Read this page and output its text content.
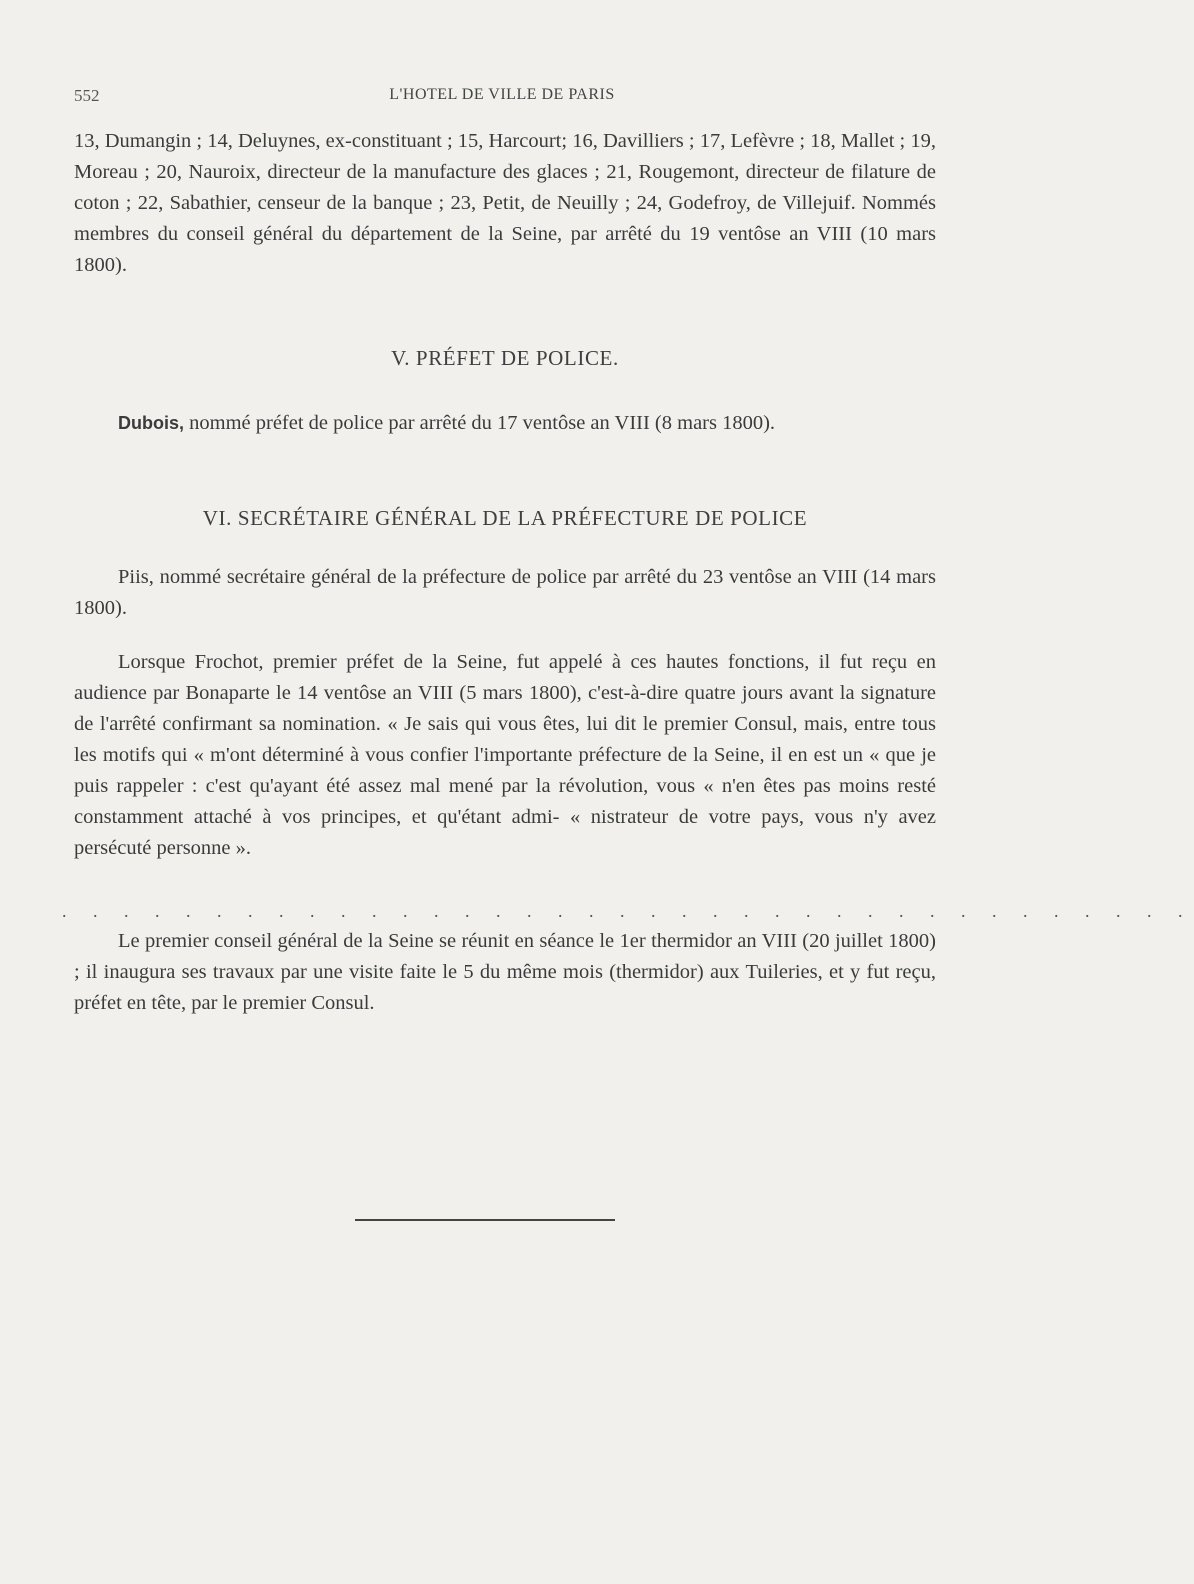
552	L'HOTEL DE VILLE DE PARIS

13, Dumangin ; 14, Deluynes, ex-constituant ; 15, Harcourt; 16, Davilliers ; 17, Lefèvre ; 18, Mallet ; 19, Moreau ; 20, Nauroix, directeur de la manufacture des glaces ; 21, Rougemont, directeur de filature de coton ; 22, Sabathier, censeur de la banque ; 23, Petit, de Neuilly ; 24, Godefroy, de Villejuif. Nommés membres du conseil général du département de la Seine, par arrêté du 19 ventôse an VIII (10 mars 1800).

V. PRÉFET DE POLICE.

Dubois, nommé préfet de police par arrêté du 17 ventôse an VIII (8 mars 1800).

VI. SECRÉTAIRE GÉNÉRAL DE LA PRÉFECTURE DE POLICE

Piis, nommé secrétaire général de la préfecture de police par arrêté du 23 ventôse an VIII (14 mars 1800).

Lorsque Frochot, premier préfet de la Seine, fut appelé à ces hautes fonctions, il fut reçu en audience par Bonaparte le 14 ventôse an VIII (5 mars 1800), c'est-à-dire quatre jours avant la signature de l'arrêté confirmant sa nomination. « Je sais qui vous êtes, lui dit le premier Consul, mais, entre tous les motifs qui « m'ont déterminé à vous confier l'importante préfecture de la Seine, il en est un « que je puis rappeler : c'est qu'ayant été assez mal mené par la révolution, vous « n'en êtes pas moins resté constamment attaché à vos principes, et qu'étant admi- « nistrateur de votre pays, vous n'y avez persécuté personne ».

. . . . . . . . . . . . . . . . . . . . . . . . . . . . . . . . . . . . .

Le premier conseil général de la Seine se réunit en séance le 1er thermidor an VIII (20 juillet 1800) ; il inaugura ses travaux par une visite faite le 5 du même mois (thermidor) aux Tuileries, et y fut reçu, préfet en tête, par le premier Consul.
